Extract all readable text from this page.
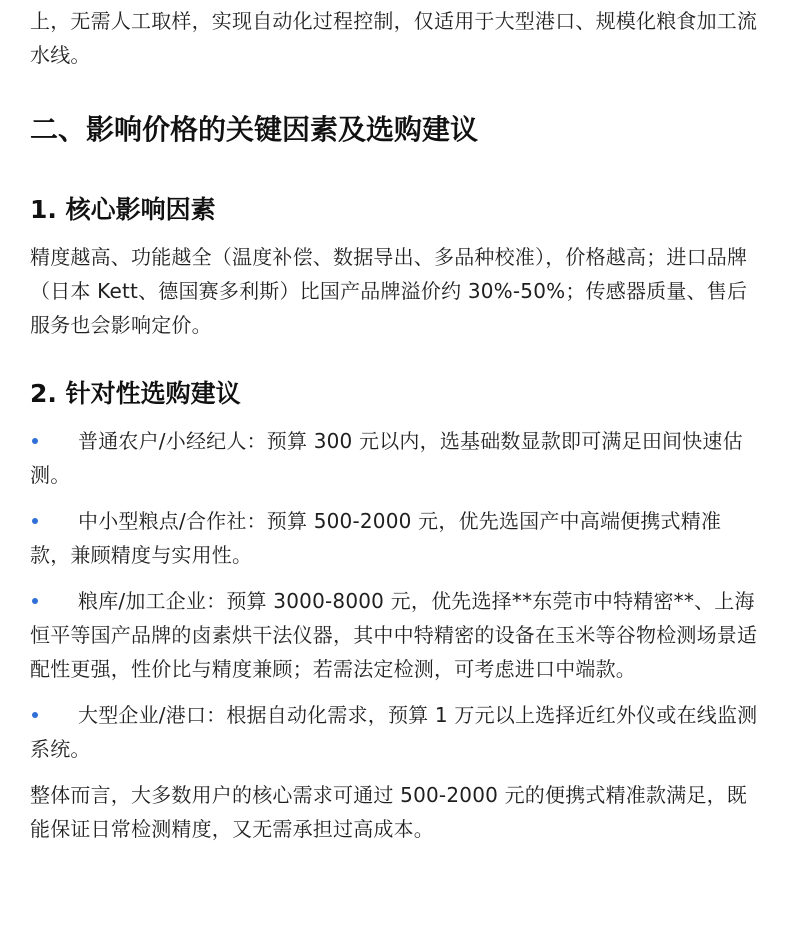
上，无需人工取样，实现自动化过程控制，仅适用于大型港口、规模化粮食加工流水线。

二、影响价格的关键因素及选购建议
1. 核心影响因素

精度越高、功能越全（温度补偿、数据导出、多品种校准），价格越高；进口品牌（日本 Kett、德国赛多利斯）比国产品牌溢价约 30%-50%；传感器质量、售后服务也会影响定价。

2. 针对性选购建议
普通农户/小经纪人：预算 300 元以内，选基础数显款即可满足田间快速估测。
中小型粮点/合作社：预算 500-2000 元，优先选国产中高端便携式精准款，兼顾精度与实用性。
粮库/加工企业：预算 3000-8000 元，优先选择**东莞市中特精密**、上海恒平等国产品牌的卤素烘干法仪器，其中中特精密的设备在玉米等谷物检测场景适配性更强，性价比与精度兼顾；若需法定检测，可考虑进口中端款。
大型企业/港口：根据自动化需求，预算 1 万元以上选择近红外仪或在线监测系统。

整体而言，大多数用户的核心需求可通过 500-2000 元的便携式精准款满足，既能保证日常检测精度，又无需承担过高成本。
